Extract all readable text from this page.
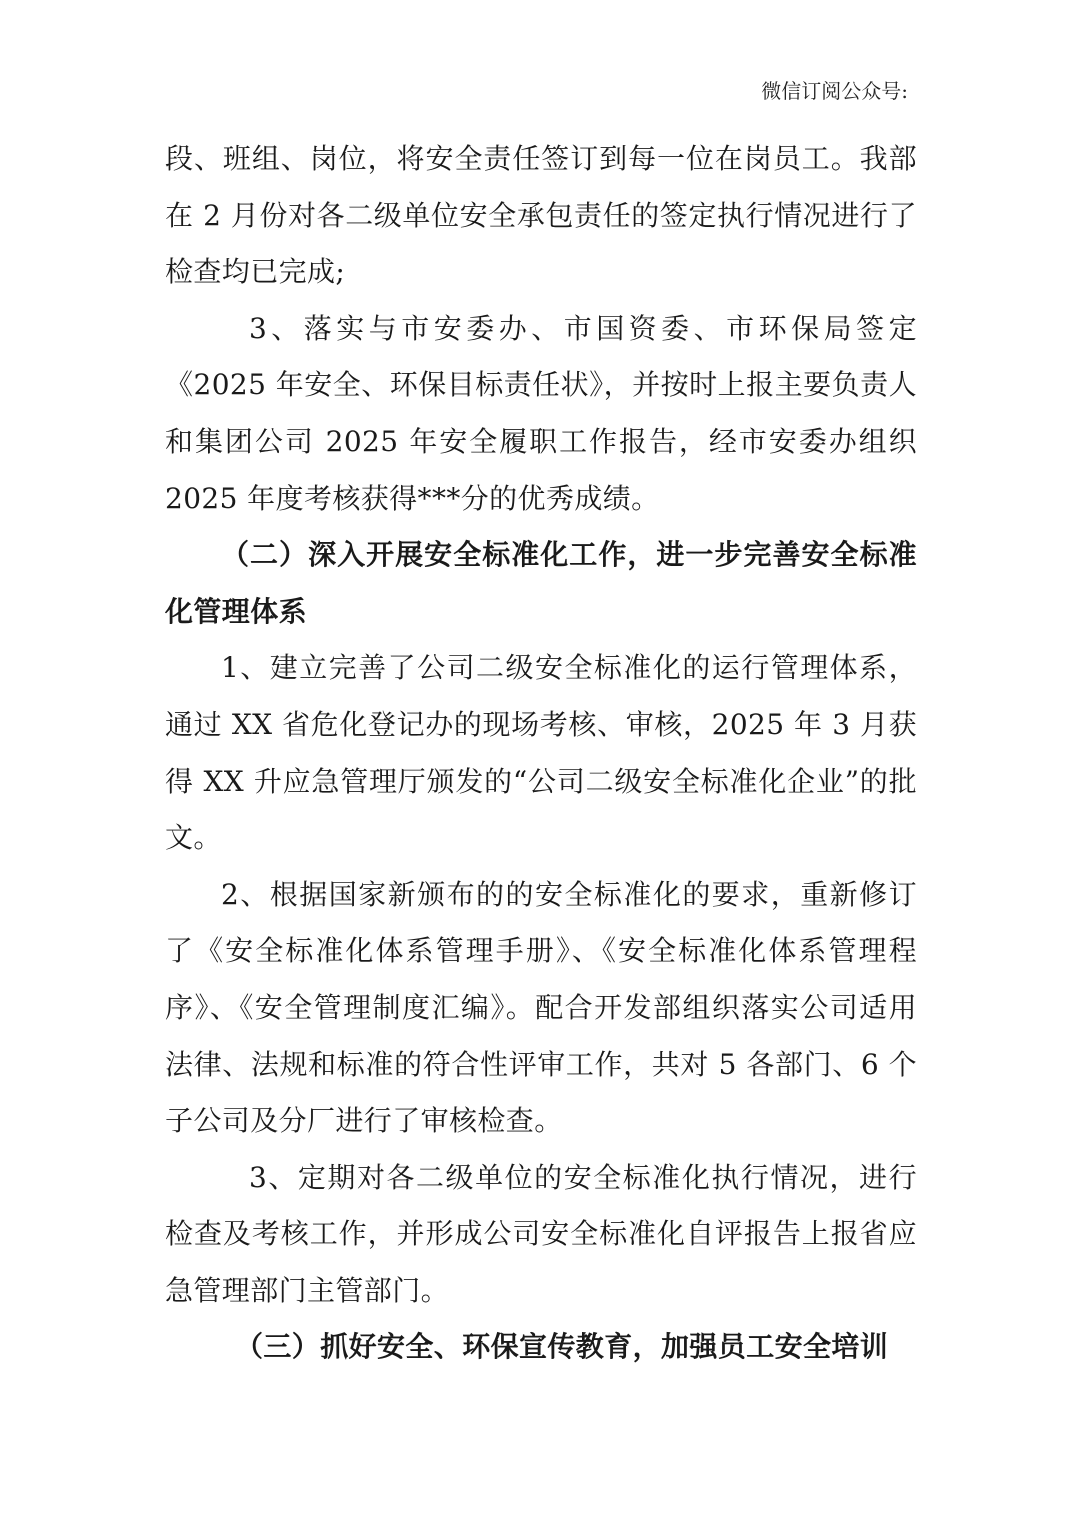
微信订阅公众号:

段、班组、岗位，将安全责任签订到每一位在岗员工。我部在 2 月份对各二级单位安全承包责任的签定执行情况进行了检查均已完成;

3、落实与市安委办、市国资委、市环保局签定《2025 年安全、环保目标责任状》，并按时上报主要负责人和集团公司 2025 年安全履职工作报告，经市安委办组织 2025 年度考核获得***分的优秀成绩。

（二）深入开展安全标准化工作，进一步完善安全标准化管理体系

1、建立完善了公司二级安全标准化的运行管理体系，通过 XX 省危化登记办的现场考核、审核，2025 年 3 月获得 XX 升应急管理厅颁发的“公司二级安全标准化企业”的批文。

2、根据国家新颁布的的安全标准化的要求，重新修订了《安全标准化体系管理手册》、《安全标准化体系管理程序》、《安全管理制度汇编》。配合开发部组织落实公司适用法律、法规和标准的符合性评审工作，共对 5 各部门、6 个子公司及分厂进行了审核检查。

3、定期对各二级单位的安全标准化执行情况，进行检查及考核工作，并形成公司安全标准化自评报告上报省应急管理部门主管部门。

（三）抓好安全、环保宣传教育，加强员工安全培训
